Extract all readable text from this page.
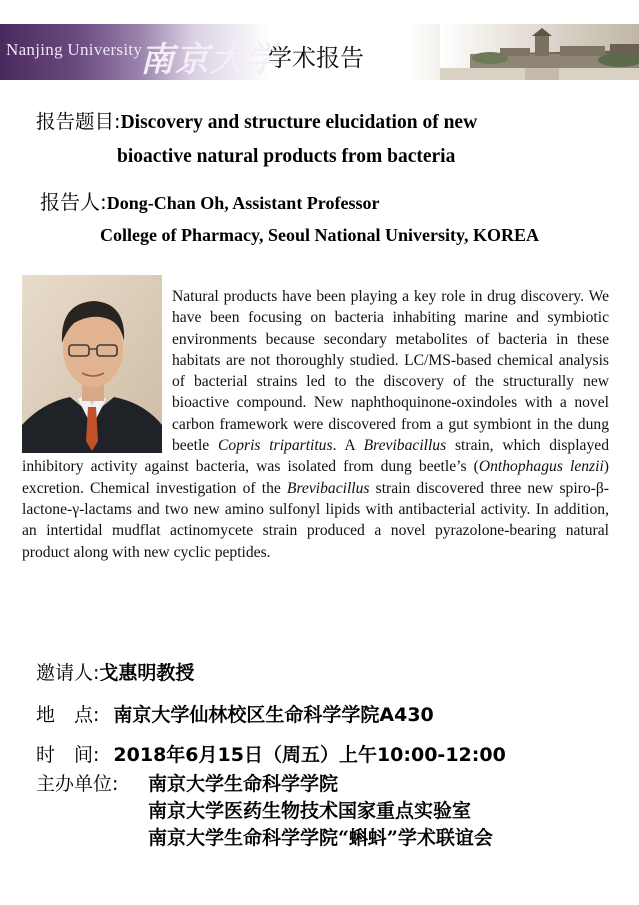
Nanjing University
南京大学
学术报告
报告题目:Discovery and structure elucidation of new
bioactive natural products from bacteria
报告人:Dong-Chan Oh, Assistant Professor
College of Pharmacy, Seoul National University, KOREA

Natural products have been playing a key role in drug discovery. We have been focusing on bacteria inhabiting marine and symbiotic environments because secondary metabolites of bacteria in these habitats are not thoroughly studied. LC/MS-based chemical analysis of bacterial strains led to the discovery of the structurally new bioactive compound. New naphthoquinone-oxindoles with a novel carbon framework were discovered from a gut symbiont in the dung beetle Copris tripartitus. A Brevibacillus strain, which displayed inhibitory activity against bacteria, was isolated from dung beetle’s (Onthophagus lenzii) excretion. Chemical investigation of the Brevibacillus strain discovered three new spiro-β-lactone-γ-lactams and two new amino sulfonyl lipids with antibacterial activity. In addition, an intertidal mudflat actinomycete strain produced a novel pyrazolone-bearing natural product along with new cyclic peptides.

邀请人:戈惠明教授
地　点: 南京大学仙林校区生命科学学院A430
时　间: 2018年6月15日（周五）上午10:00-12:00
主办单位: 南京大学生命科学学院
南京大学医药生物技术国家重点实验室
南京大学生命科学学院“蝌蚪”学术联谊会
